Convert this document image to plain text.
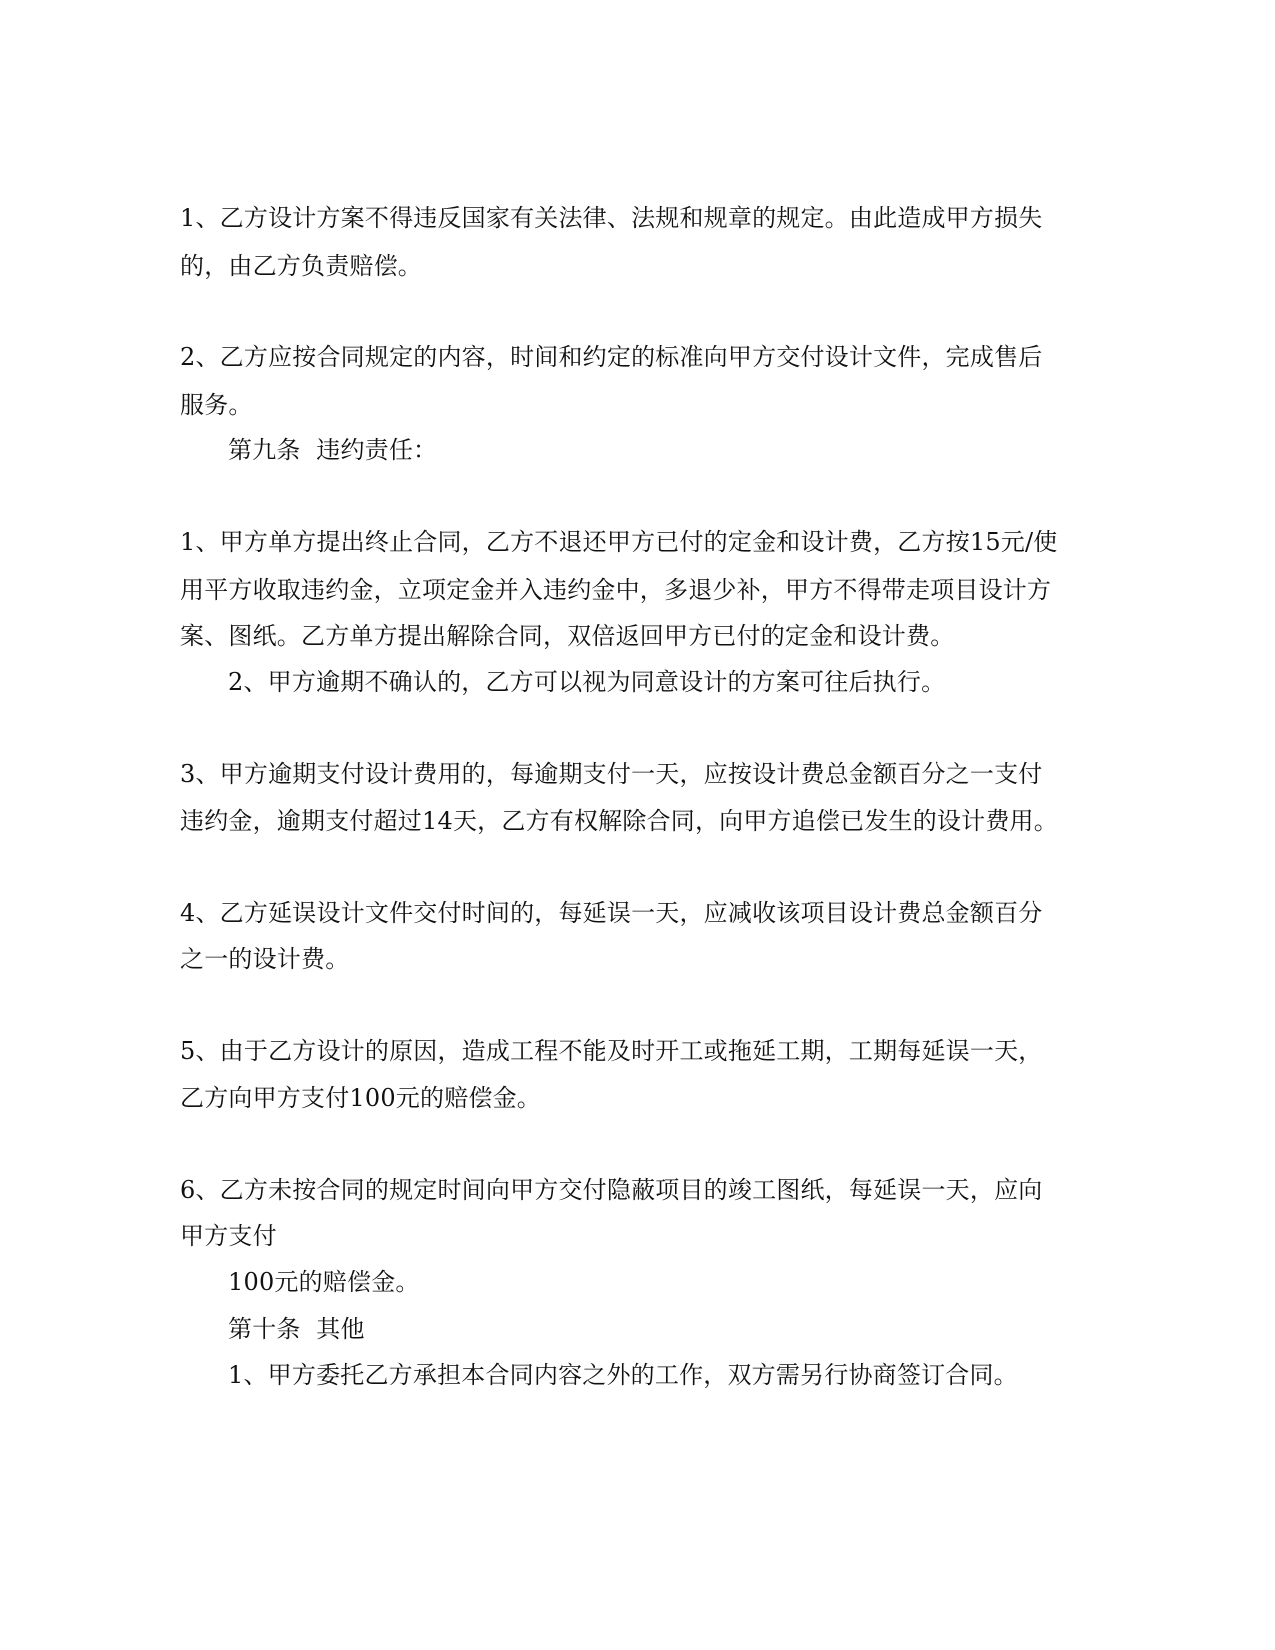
1、乙方设计方案不得违反国家有关法律、法规和规章的规定。由此造成甲方损失

的，由乙方负责赔偿。

2、乙方应按合同规定的内容，时间和约定的标准向甲方交付设计文件，完成售后

服务。

第九条  违约责任：

1、甲方单方提出终止合同，乙方不退还甲方已付的定金和设计费，乙方按15元/使

用平方收取违约金，立项定金并入违约金中，多退少补，甲方不得带走项目设计方

案、图纸。乙方单方提出解除合同，双倍返回甲方已付的定金和设计费。

2、甲方逾期不确认的，乙方可以视为同意设计的方案可往后执行。

3、甲方逾期支付设计费用的，每逾期支付一天，应按设计费总金额百分之一支付

违约金，逾期支付超过14天，乙方有权解除合同，向甲方追偿已发生的设计费用。

4、乙方延误设计文件交付时间的，每延误一天，应减收该项目设计费总金额百分

之一的设计费。

5、由于乙方设计的原因，造成工程不能及时开工或拖延工期，工期每延误一天，

乙方向甲方支付100元的赔偿金。

6、乙方未按合同的规定时间向甲方交付隐蔽项目的竣工图纸，每延误一天，应向

甲方支付

100元的赔偿金。

第十条  其他

1、甲方委托乙方承担本合同内容之外的工作，双方需另行协商签订合同。
